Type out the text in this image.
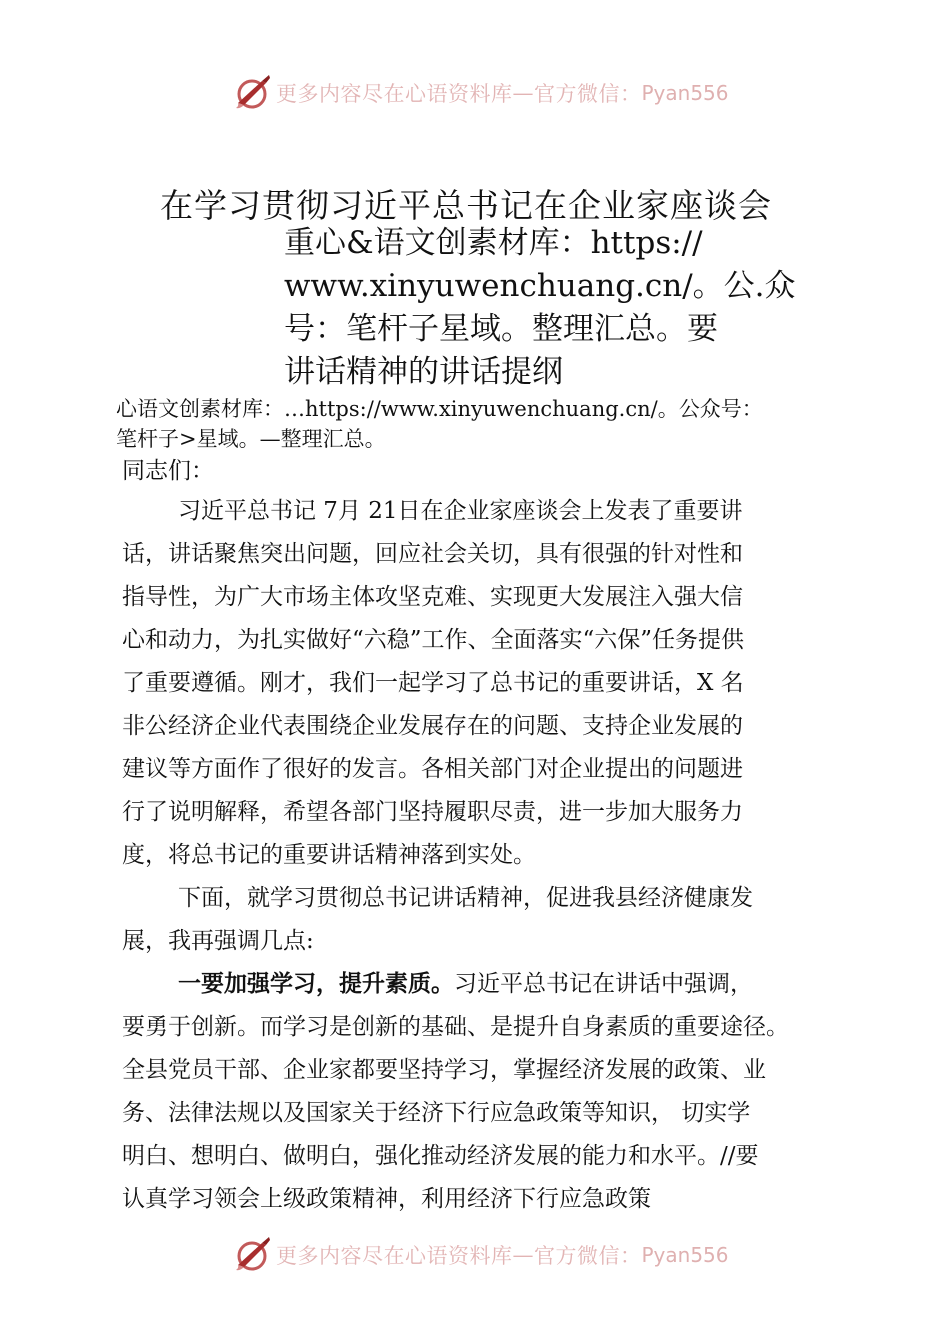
更多内容尽在心语资料库 — 官方微信： Pyan556
在学习贯彻习近平总书记在企业家座谈会
重心&语文创素材库：https://
www.xinyuwenchuang.cn/。公.众
号：笔杆子星域。整理汇总。要
讲话精神的讲话提纲
心语文创素材库：…https://www.xinyuwenchuang.cn/。公众号：
笔杆子>星域。—整理汇总。
同志们：
习近平总书记 7月 21日在企业家座谈会上发表了重要讲
话，讲话聚焦突出问题，回应社会关切，具有很强的针对性和
指导性，为广大市场主体攻坚克难、实现更大发展注入强大信
心和动力，为扎实做好“六稳”工作、全面落实“六保”任务提供
了重要遵循。刚才，我们一起学习了总书记的重要讲话，X 名
非公经济企业代表围绕企业发展存在的问题、支持企业发展的
建议等方面作了很好的发言。各相关部门对企业提出的问题进
行了说明解释，希望各部门坚持履职尽责，进一步加大服务力
度，将总书记的重要讲话精神落到实处。
下面，就学习贯彻总书记讲话精神，促进我县经济健康发
展，我再强调几点:
一要加强学习，提升素质。习近平总书记在讲话中强调，
要勇于创新。而学习是创新的基础、是提升自身素质的重要途径。
全县党员干部、企业家都要坚持学习，掌握经济发展的政策、业
务、法律法规以及国家关于经济下行应急政策等知识， 切实学
明白、想明白、做明白，强化推动经济发展的能力和水平。//要
认真学习领会上级政策精神，利用经济下行应急政策
更多内容尽在心语资料库 — 官方微信： Pyan556
